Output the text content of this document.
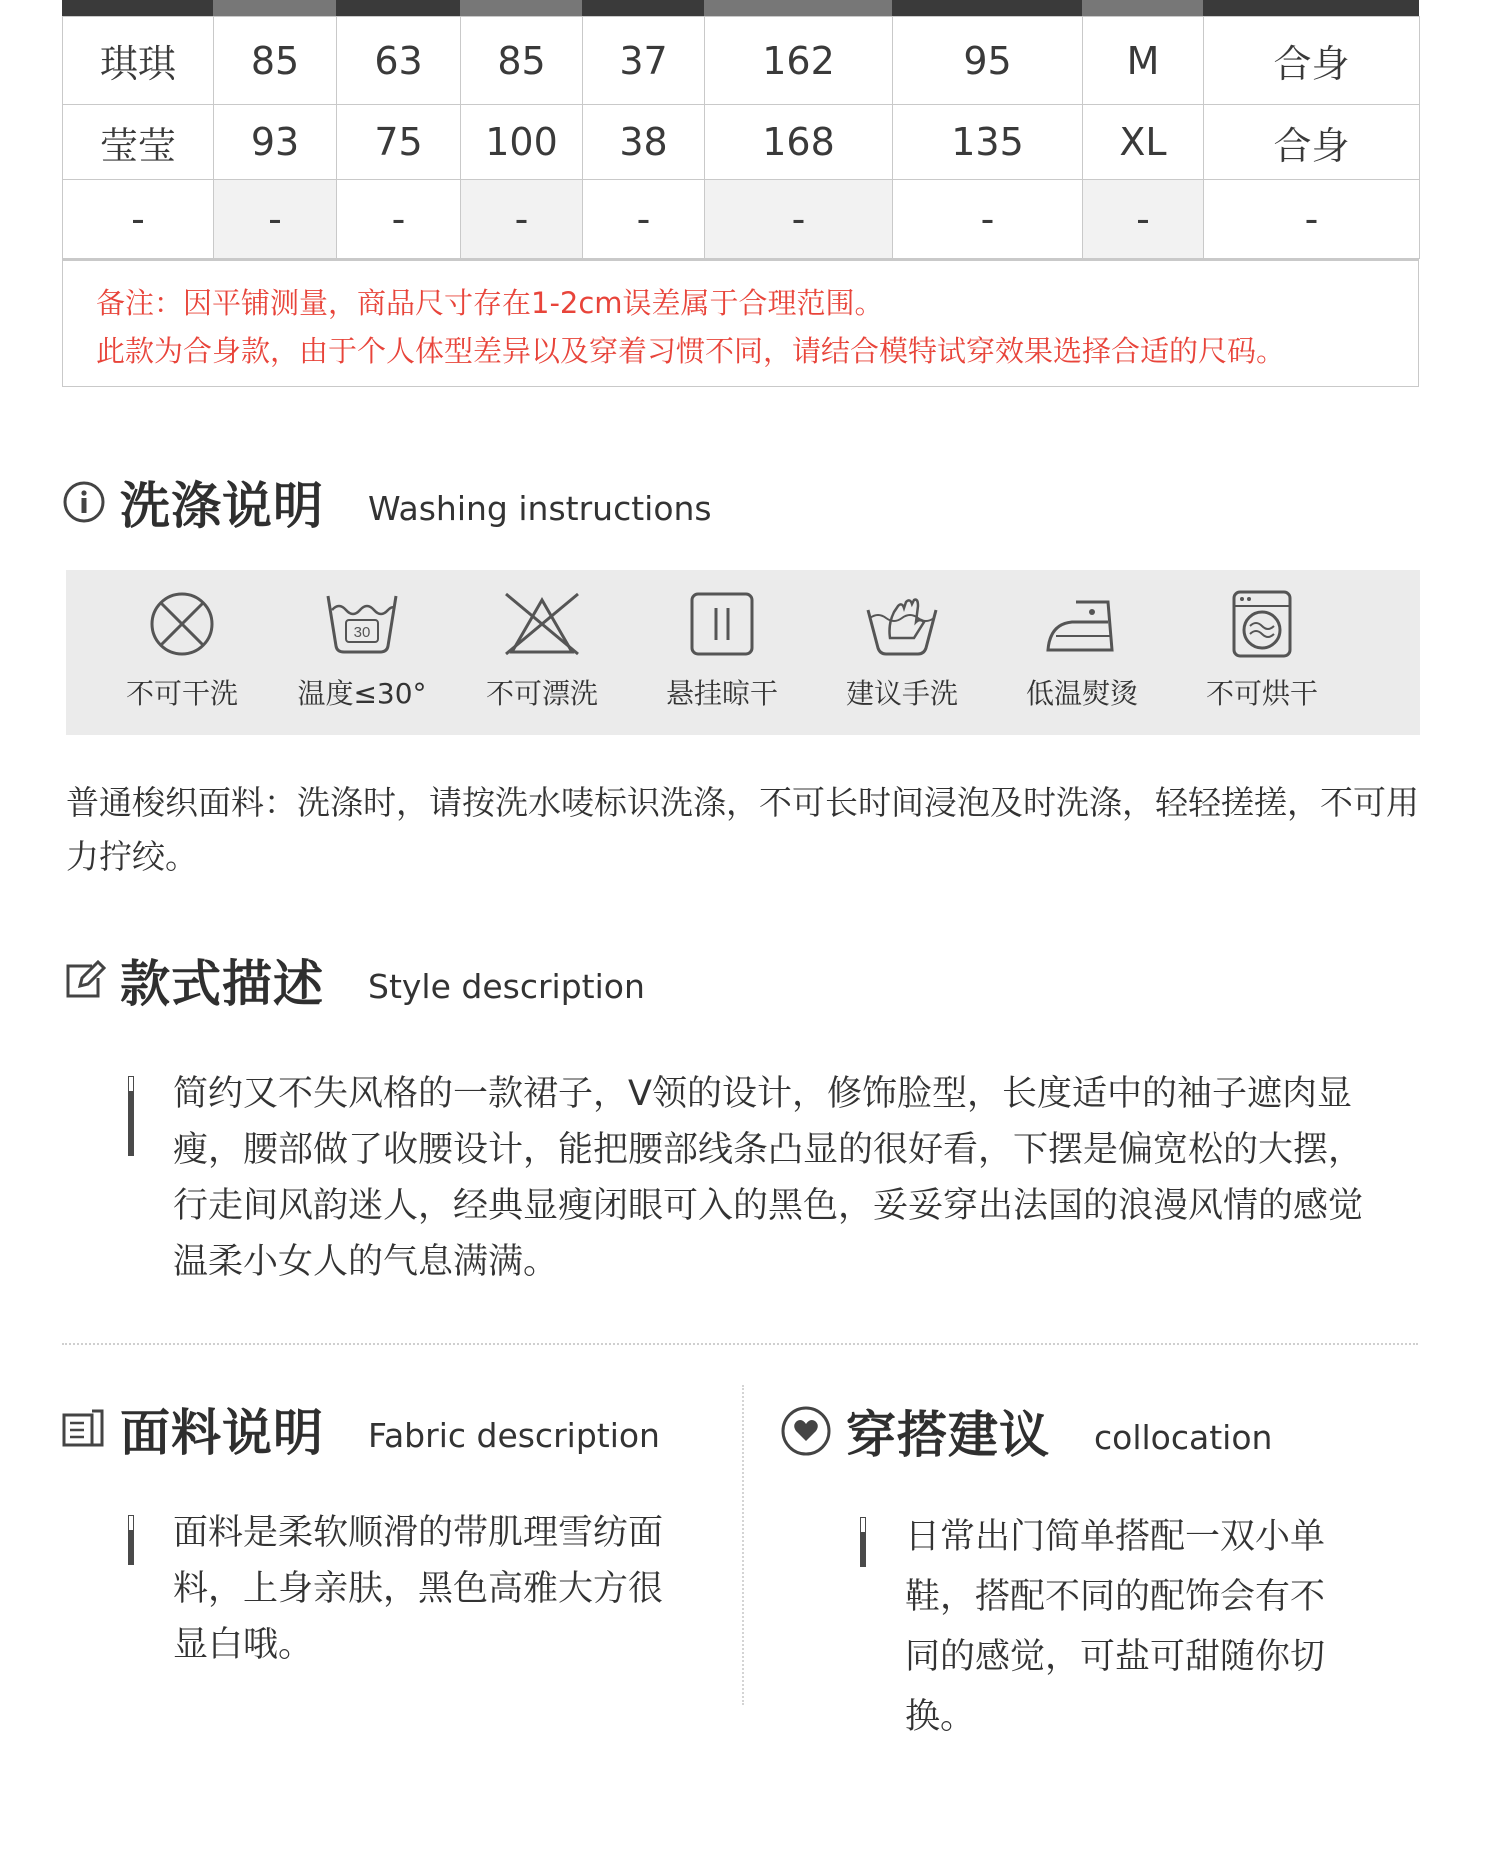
琪琪	85	63	85	37	162	95	M	合身
莹莹	93	75	100	38	168	135	XL	合身
-	-	-	-	-	-	-	-	-
备注：因平铺测量，商品尺寸存在1-2cm误差属于合理范围。
此款为合身款，由于个人体型差异以及穿着习惯不同，请结合模特试穿效果选择合适的尺码。
洗涤说明 Washing instructions
不可干洗
30
温度≤30°	不可漂洗	悬挂晾干	建议手洗	低温熨烫	不可烘干
普通梭织面料：洗涤时，请按洗水唛标识洗涤，不可长时间浸泡及时洗涤，轻轻搓搓，不可用力拧绞。
款式描述 Style description
简约又不失风格的一款裙子，V领的设计，修饰脸型，长度适中的袖子遮肉显瘦，腰部做了收腰设计，能把腰部线条凸显的很好看，下摆是偏宽松的大摆，行走间风韵迷人，经典显瘦闭眼可入的黑色，妥妥穿出法国的浪漫风情的感觉温柔小女人的气息满满。
面料说明 Fabric description
面料是柔软顺滑的带肌理雪纺面料，上身亲肤，黑色高雅大方很显白哦。
穿搭建议 collocation
日常出门简单搭配一双小单鞋，搭配不同的配饰会有不同的感觉，可盐可甜随你切换。
